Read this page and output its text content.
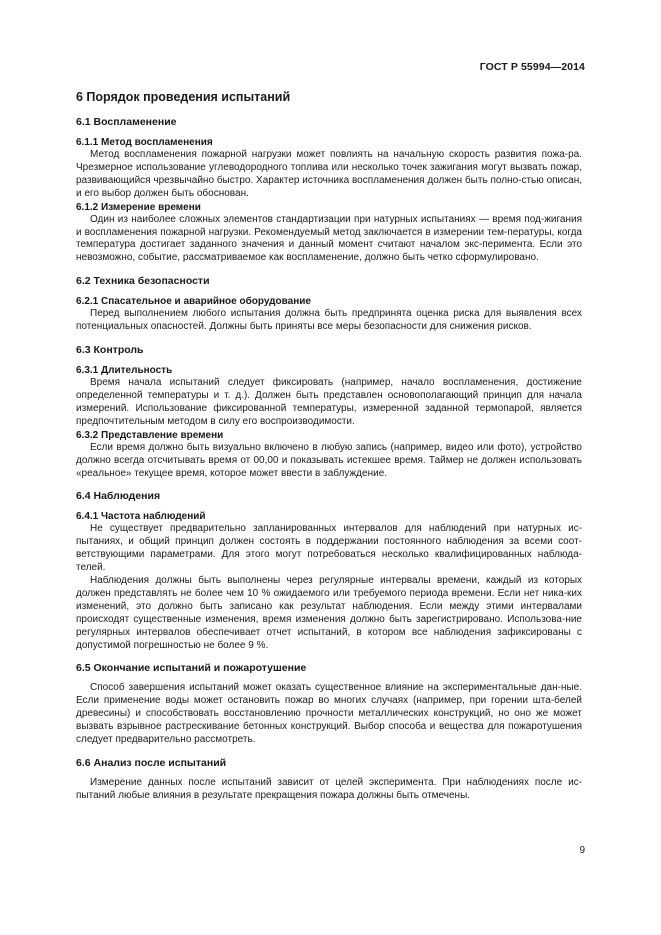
ГОСТ Р 55994—2014
6 Порядок проведения испытаний
6.1 Воспламенение
6.1.1 Метод воспламенения

Метод воспламенения пожарной нагрузки может повлиять на начальную скорость развития пожа-ра. Чрезмерное использование углеводородного топлива или несколько точек зажигания могут вызвать пожар, развивающийся чрезвычайно быстро. Характер источника воспламенения должен быть полно-стью описан, и его выбор должен быть обоснован.

6.1.2 Измерение времени

Один из наиболее сложных элементов стандартизации при натурных испытаниях — время под-жигания и воспламенения пожарной нагрузки. Рекомендуемый метод заключается в измерении тем-пературы, когда температура достигает заданного значения и данный момент считают началом экс-перимента. Если это невозможно, событие, рассматриваемое как воспламенение, должно быть четко сформулировано.

6.2 Техника безопасности
6.2.1 Спасательное и аварийное оборудование

Перед выполнением любого испытания должна быть предпринята оценка риска для выявления всех потенциальных опасностей. Должны быть приняты все меры безопасности для снижения рисков.

6.3 Контроль
6.3.1 Длительность

Время начала испытаний следует фиксировать (например, начало воспламенения, достижение определенной температуры и т. д.). Должен быть представлен основополагающий принцип для начала измерений. Использование фиксированной температуры, измеренной заданной термопарой, является предпочтительным методом в силу его воспроизводимости.

6.3.2 Представление времени

Если время должно быть визуально включено в любую запись (например, видео или фото), устройство должно всегда отсчитывать время от 00,00 и показывать истекшее время. Таймер не должен использовать «реальное» текущее время, которое может ввести в заблуждение.

6.4 Наблюдения
6.4.1 Частота наблюдений

Не существует предварительно запланированных интервалов для наблюдений при натурных ис-пытаниях, и общий принцип должен состоять в поддержании постоянного наблюдения за всеми соот-ветствующими параметрами. Для этого могут потребоваться несколько квалифицированных наблюда-телей.

Наблюдения должны быть выполнены через регулярные интервалы времени, каждый из которых должен представлять не более чем 10 % ожидаемого или требуемого периода времени. Если нет ника-ких изменений, это должно быть записано как результат наблюдения. Если между этими интервалами происходят существенные изменения, время изменения должно быть зарегистрировано. Использова-ние регулярных интервалов обеспечивает отчет испытаний, в котором все наблюдения зафиксированы с допустимой погрешностью не более 9 %.

6.5 Окончание испытаний и пожаротушение

Способ завершения испытаний может оказать существенное влияние на экспериментальные дан-ные. Если применение воды может остановить пожар во многих случаях (например, при горении шта-белей древесины) и способствовать восстановлению прочности металлических конструкций, но оно же может вызвать взрывное растрескивание бетонных конструкций. Выбор способа и вещества для пожаротушения следует предварительно рассмотреть.

6.6 Анализ после испытаний

Измерение данных после испытаний зависит от целей эксперимента. При наблюдениях после ис-пытаний любые влияния в результате прекращения пожара должны быть отмечены.

9
